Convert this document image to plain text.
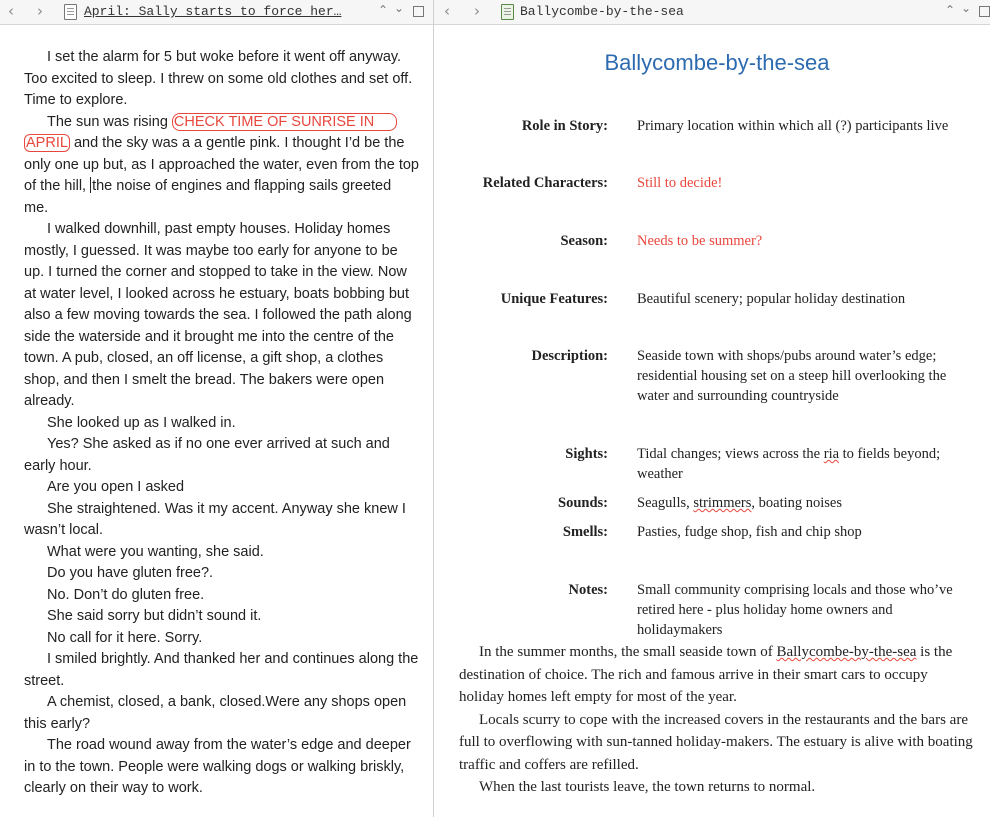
‹ ›	April: Sally starts to force her…	⌃ ⌄

I set the alarm for 5 but woke before it went off anyway. Too excited to sleep. I threw on some old clothes and set off. Time to explore.

The sun was rising CHECK TIME OF SUNRISE IN
APRIL and the sky was a a gentle pink. I thought I’d be the only one up but, as I approached the water, even from the top of the hill, the noise of engines and flapping sails greeted me.

I walked downhill, past empty houses. Holiday homes mostly, I guessed. It was maybe too early for anyone to be up. I turned the corner and stopped to take in the view. Now at water level, I looked across he estuary, boats bobbing but also a few moving towards the sea. I followed the path along side the waterside and it brought me into the centre of the town. A pub, closed, an off license, a gift shop, a clothes shop, and then I smelt the bread. The bakers were open already.

She looked up as I walked in.

Yes? She asked as if no one ever arrived at such and early hour.

Are you open I asked

She straightened. Was it my accent. Anyway she knew I wasn’t local.

What were you wanting, she said.

Do you have gluten free?.

No. Don’t do gluten free.

She said sorry but didn’t sound it.

No call for it here. Sorry.

I smiled brightly. And thanked her and continues along the street.

A chemist, closed, a bank, closed.Were any shops open this early?

The road wound away from the water’s edge and deeper in to the town. People were walking dogs or walking briskly, clearly on their way to work.

‹ ›	Ballycombe-by-the-sea	⌃ ⌄
Ballycombe-by-the-sea
Role in Story: Primary location within which all (?) participants live
Related Characters: Still to decide!
Season: Needs to be summer?
Unique Features: Beautiful scenery; popular holiday destination
Description: Seaside town with shops/pubs around water’s edge; residential housing set on a steep hill overlooking the water and surrounding countryside
Sights: Tidal changes; views across the ria to fields beyond; weather
Sounds: Seagulls, strimmers, boating noises
Smells: Pasties, fudge shop, fish and chip shop
Notes: Small community comprising locals and those who’ve retired here - plus holiday home owners and holidaymakers

In the summer months, the small seaside town of Ballycombe-by-the-sea is the destination of choice. The rich and famous arrive in their smart cars to occupy holiday homes left empty for most of the year.

Locals scurry to cope with the increased covers in the restaurants and the bars are full to overflowing with sun-tanned holiday-makers. The estuary is alive with boating traffic and coffers are refilled.

When the last tourists leave, the town returns to normal.
